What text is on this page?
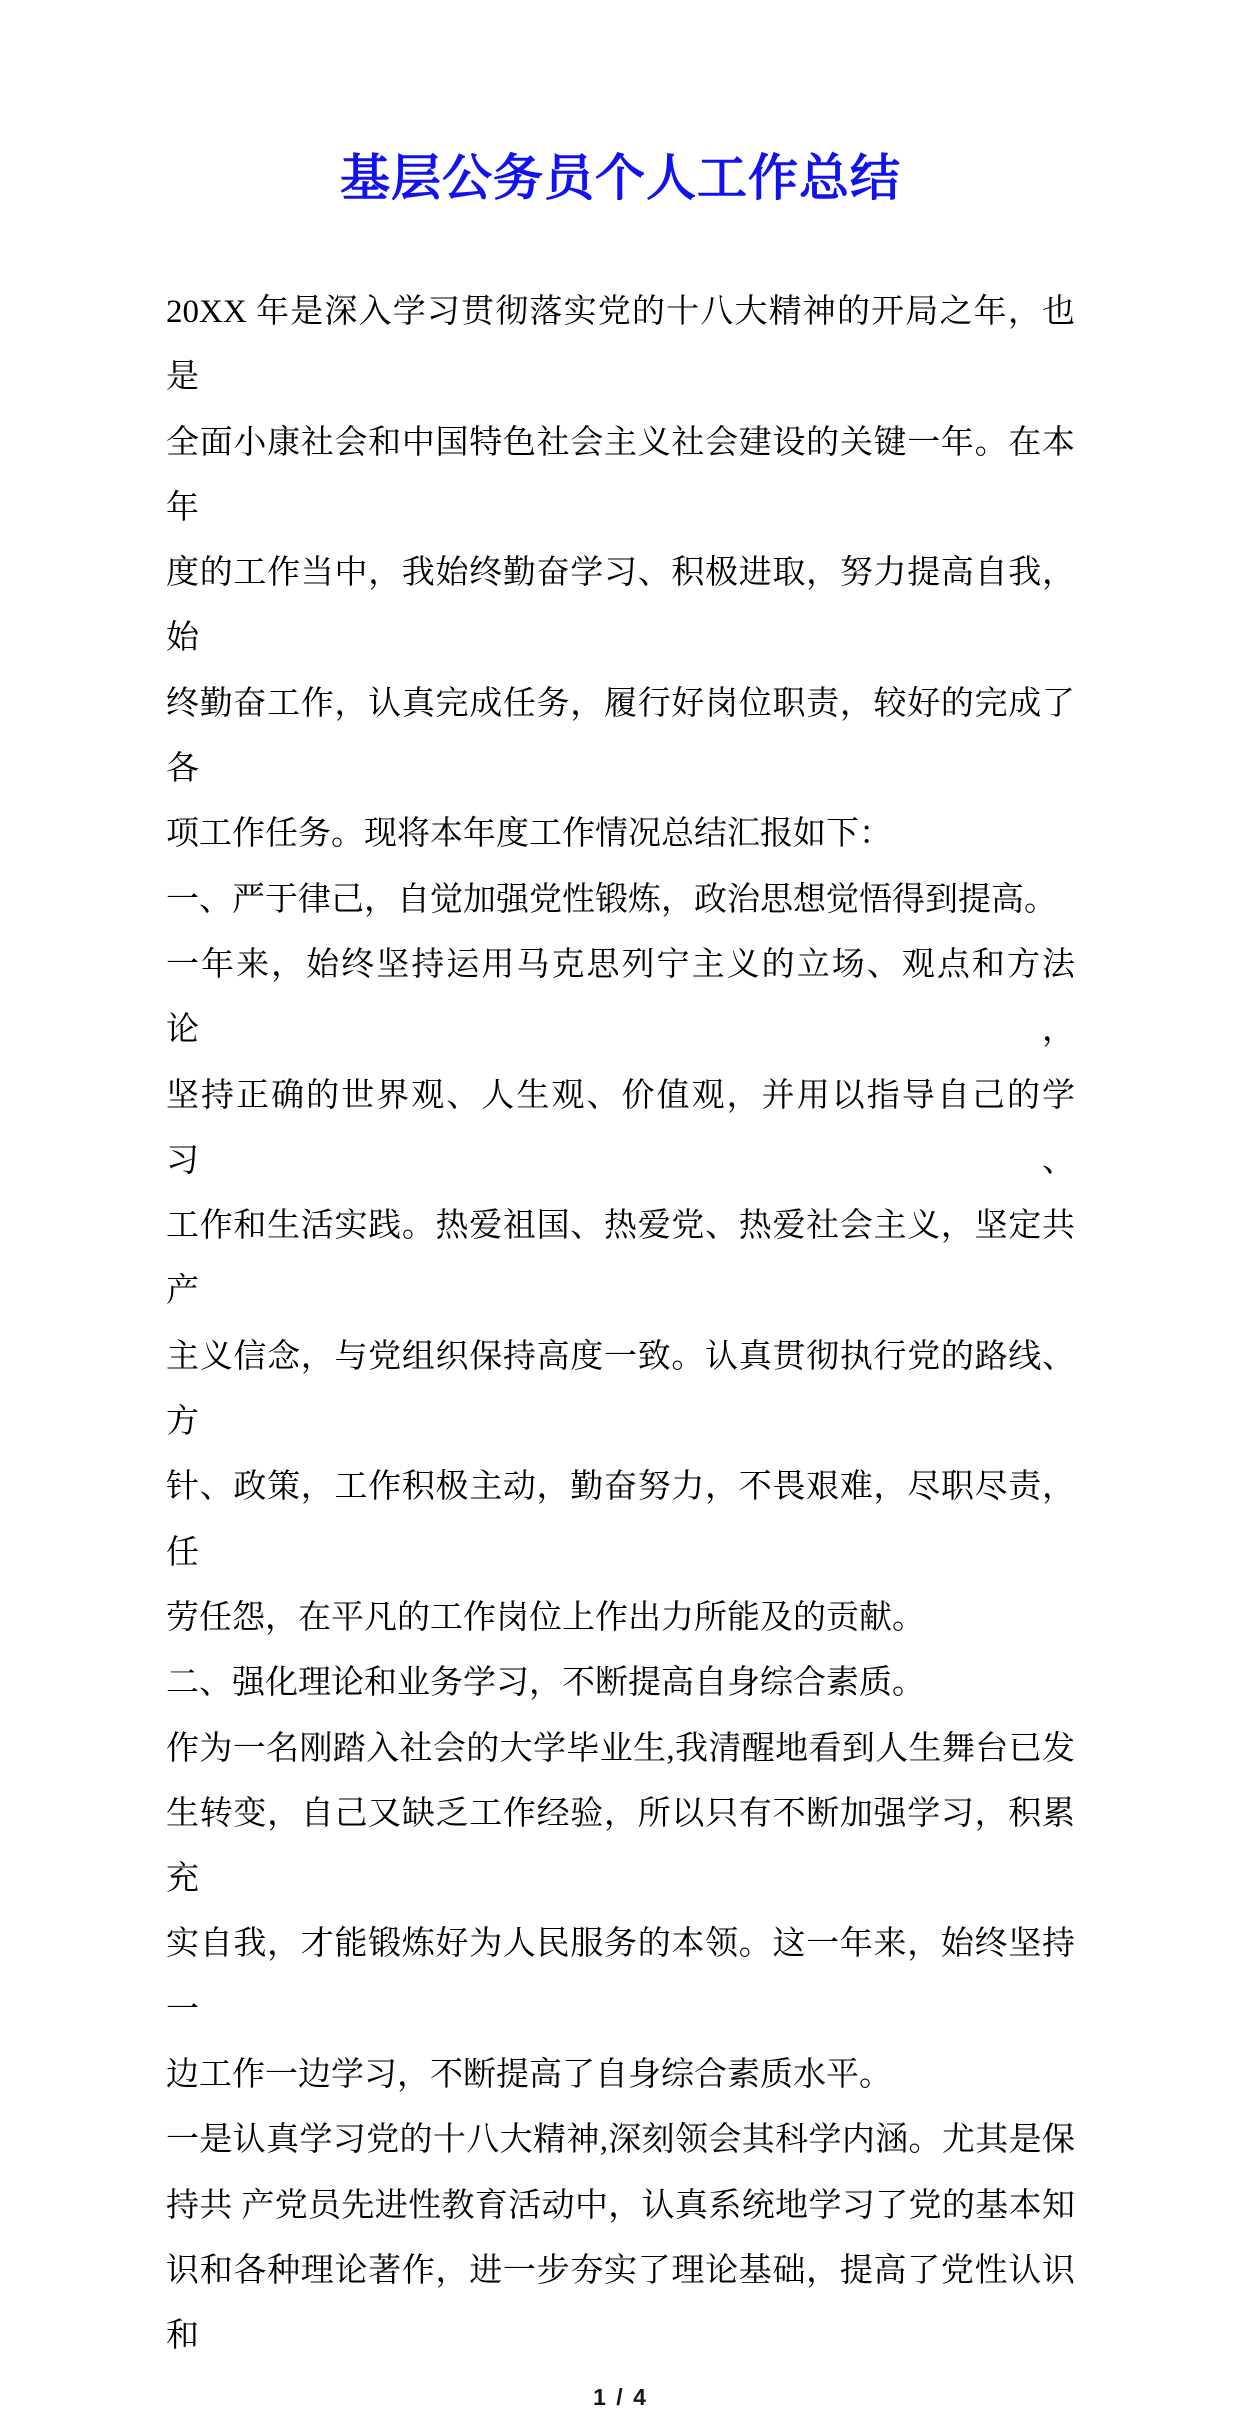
基层公务员个人工作总结
20XX 年是深入学习贯彻落实党的十八大精神的开局之年，也是
全面小康社会和中国特色社会主义社会建设的关键一年。在本年
度的工作当中，我始终勤奋学习、积极进取，努力提高自我，始
终勤奋工作，认真完成任务，履行好岗位职责，较好的完成了各
项工作任务。现将本年度工作情况总结汇报如下：
一、严于律己，自觉加强党性锻炼，政治思想觉悟得到提高。
一年来，始终坚持运用马克思列宁主义的立场、观点和方法论，
坚持正确的世界观、人生观、价值观，并用以指导自己的学习、
工作和生活实践。热爱祖国、热爱党、热爱社会主义，坚定共产
主义信念，与党组织保持高度一致。认真贯彻执行党的路线、方
针、政策，工作积极主动，勤奋努力，不畏艰难，尽职尽责，任
劳任怨，在平凡的工作岗位上作出力所能及的贡献。
二、强化理论和业务学习，不断提高自身综合素质。
作为一名刚踏入社会的大学毕业生,我清醒地看到人生舞台已发
生转变，自己又缺乏工作经验，所以只有不断加强学习，积累充
实自我，才能锻炼好为人民服务的本领。这一年来，始终坚持一
边工作一边学习，不断提高了自身综合素质水平。
一是认真学习党的十八大精神,深刻领会其科学内涵。尤其是保
持共 产党员先进性教育活动中，认真系统地学习了党的基本知
识和各种理论著作，进一步夯实了理论基础，提高了党性认识和
1 / 4
